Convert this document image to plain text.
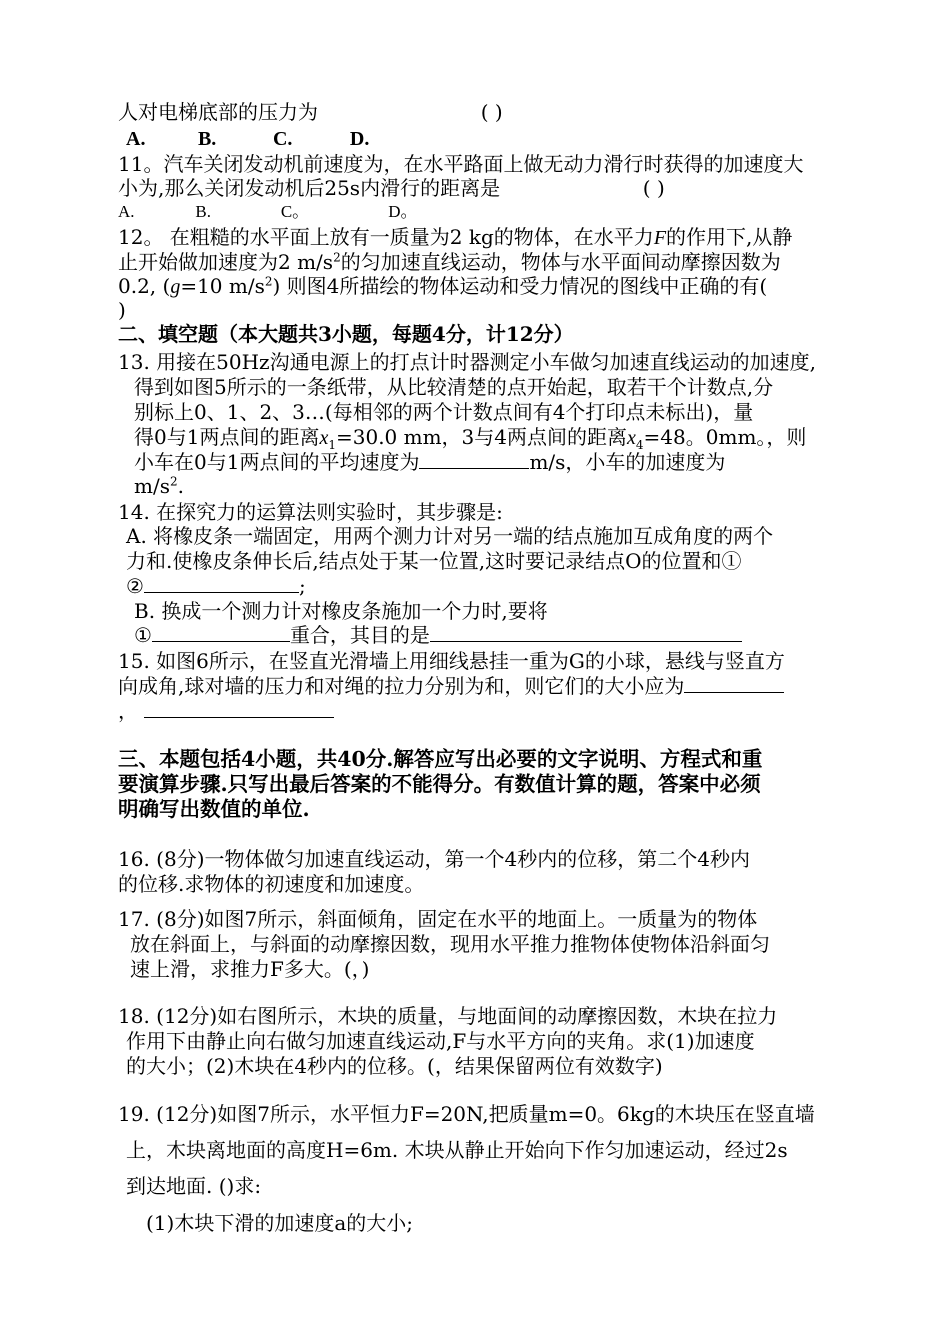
人对电梯底部的压力为	( )
A.	B.	C.	D.
11。汽车关闭发动机前速度为，在水平路面上做无动力滑行时获得的加速度大
小为,那么关闭发动机后25s内滑行的距离是	( )
A.	B.	C。	D。
12。 在粗糙的水平面上放有一质量为2 kg的物体，在水平力F的作用下,从静
止开始做加速度为2 $m/s^2$的匀加速直线运动，物体与水平面间动摩擦因数为
0.2, (g=10 $m/s^2$) 则图4所描绘的物体运动和受力情况的图线中正确的有(
)
二、填空题（本大题共3小题，每题4分，计12分）
13. 用接在50Hz沟通电源上的打点计时器测定小车做匀加速直线运动的加速度,
得到如图5所示的一条纸带，从比较清楚的点开始起，取若干个计数点,分
别标上0、1、2、3…(每相邻的两个计数点间有4个打印点未标出)，量
得0与1两点间的距离$x_1=30.0$ mm，3与4两点间的距离$x_4=48$。0mm。，则
小车在0与1两点间的平均速度为	m/s，小车的加速度为
$m/s^2$.
14. 在探究力的运算法则实验时，其步骤是:
A. 将橡皮条一端固定，用两个测力计对另一端的结点施加互成角度的两个
力和.使橡皮条伸长后,结点处于某一位置,这时要记录结点O的位置和①
②	;
B. 换成一个测力计对橡皮条施加一个力时,要将
①	重合，其目的是
15. 如图6所示，在竖直光滑墙上用细线悬挂一重为G的小球，悬线与竖直方
向成角,球对墙的压力和对绳的拉力分别为和，则它们的大小应为
，
三、本题包括4小题，共40分.解答应写出必要的文字说明、方程式和重
要演算步骤.只写出最后答案的不能得分。有数值计算的题，答案中必须
明确写出数值的单位.
16. (8分)一物体做匀加速直线运动，第一个4秒内的位移，第二个4秒内
的位移.求物体的初速度和加速度。
17. (8分)如图7所示，斜面倾角，固定在水平的地面上。一质量为的物体
放在斜面上，与斜面的动摩擦因数，现用水平推力推物体使物体沿斜面匀
速上滑，求推力F多大。(，)
18. (12分)如右图所示，木块的质量，与地面间的动摩擦因数，木块在拉力
作用下由静止向右做匀加速直线运动,F与水平方向的夹角。求(1)加速度
的大小；(2)木块在4秒内的位移。(，结果保留两位有效数字)
19. (12分)如图7所示，水平恒力F=20N,把质量m=0。6kg的木块压在竖直墙
上，木块离地面的高度H=6m. 木块从静止开始向下作匀加速运动，经过2s
到达地面. ()求:
(1)木块下滑的加速度a的大小;
